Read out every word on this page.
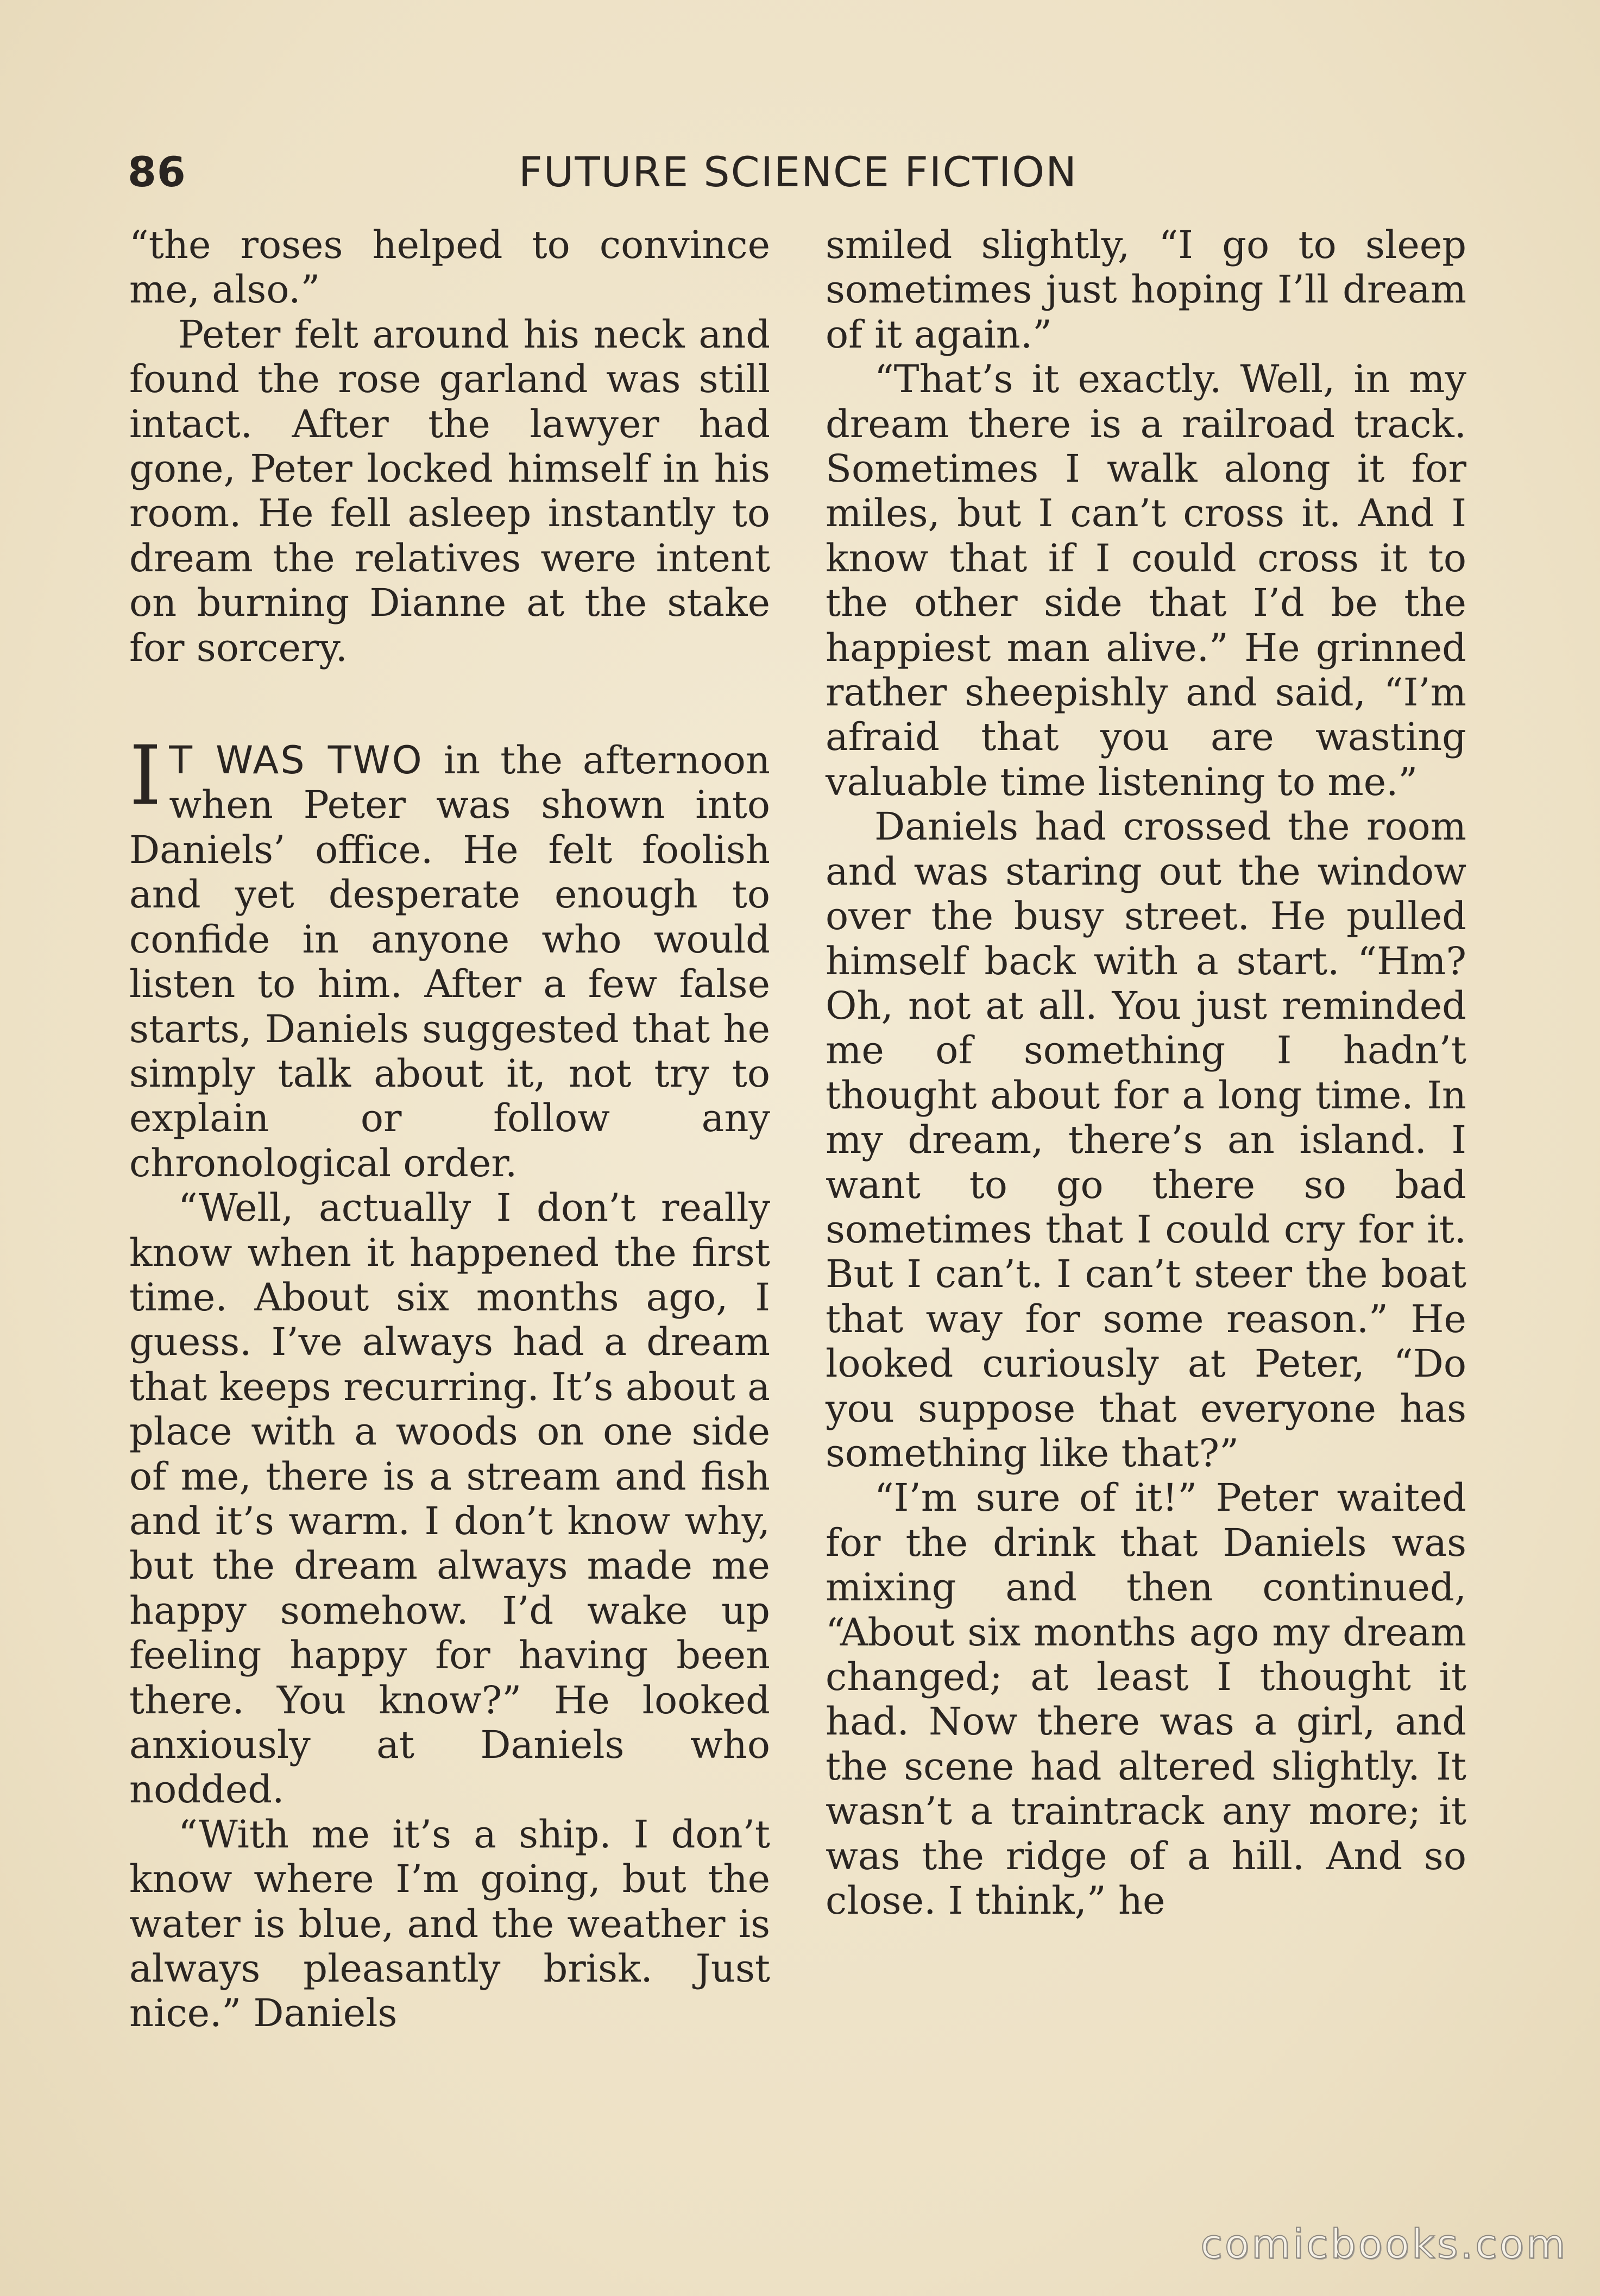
86	FUTURE SCIENCE FICTION

“the roses helped to convince me, also.”

Peter felt around his neck and found the rose garland was still intact. After the lawyer had gone, Peter locked himself in his room. He fell asleep instantly to dream the relatives were intent on burning Dianne at the stake for sorcery.

I T WAS TWO in the afternoon when Peter was shown into Daniels’ office. He felt foolish and yet desperate enough to confide in anyone who would listen to him. After a few false starts, Daniels suggested that he simply talk about it, not try to explain or follow any chronological order.

“Well, actually I don’t really know when it happened the first time. About six months ago, I guess. I’ve always had a dream that keeps recurring. It’s about a place with a woods on one side of me, there is a stream and fish and it’s warm. I don’t know why, but the dream always made me happy somehow. I’d wake up feeling happy for having been there. You know?” He looked anxiously at Daniels who nodded.

“With me it’s a ship. I don’t know where I’m going, but the water is blue, and the weather is always pleasantly brisk. Just nice.” Daniels

smiled slightly, “I go to sleep sometimes just hoping I’ll dream of it again.”

“That’s it exactly. Well, in my dream there is a railroad track. Sometimes I walk along it for miles, but I can’t cross it. And I know that if I could cross it to the other side that I’d be the happiest man alive.” He grinned rather sheepishly and said, “I’m afraid that you are wasting valuable time listening to me.”

Daniels had crossed the room and was staring out the window over the busy street. He pulled himself back with a start. “Hm? Oh, not at all. You just reminded me of something I hadn’t thought about for a long time. In my dream, there’s an island. I want to go there so bad sometimes that I could cry for it. But I can’t. I can’t steer the boat that way for some reason.” He looked curiously at Peter, “Do you suppose that everyone has something like that?”

“I’m sure of it!” Peter waited for the drink that Daniels was mixing and then continued, “About six months ago my dream changed; at least I thought it had. Now there was a girl, and the scene had altered slightly. It wasn’t a traintrack any more; it was the ridge of a hill. And so close. I think,” he

comicbooks.com
